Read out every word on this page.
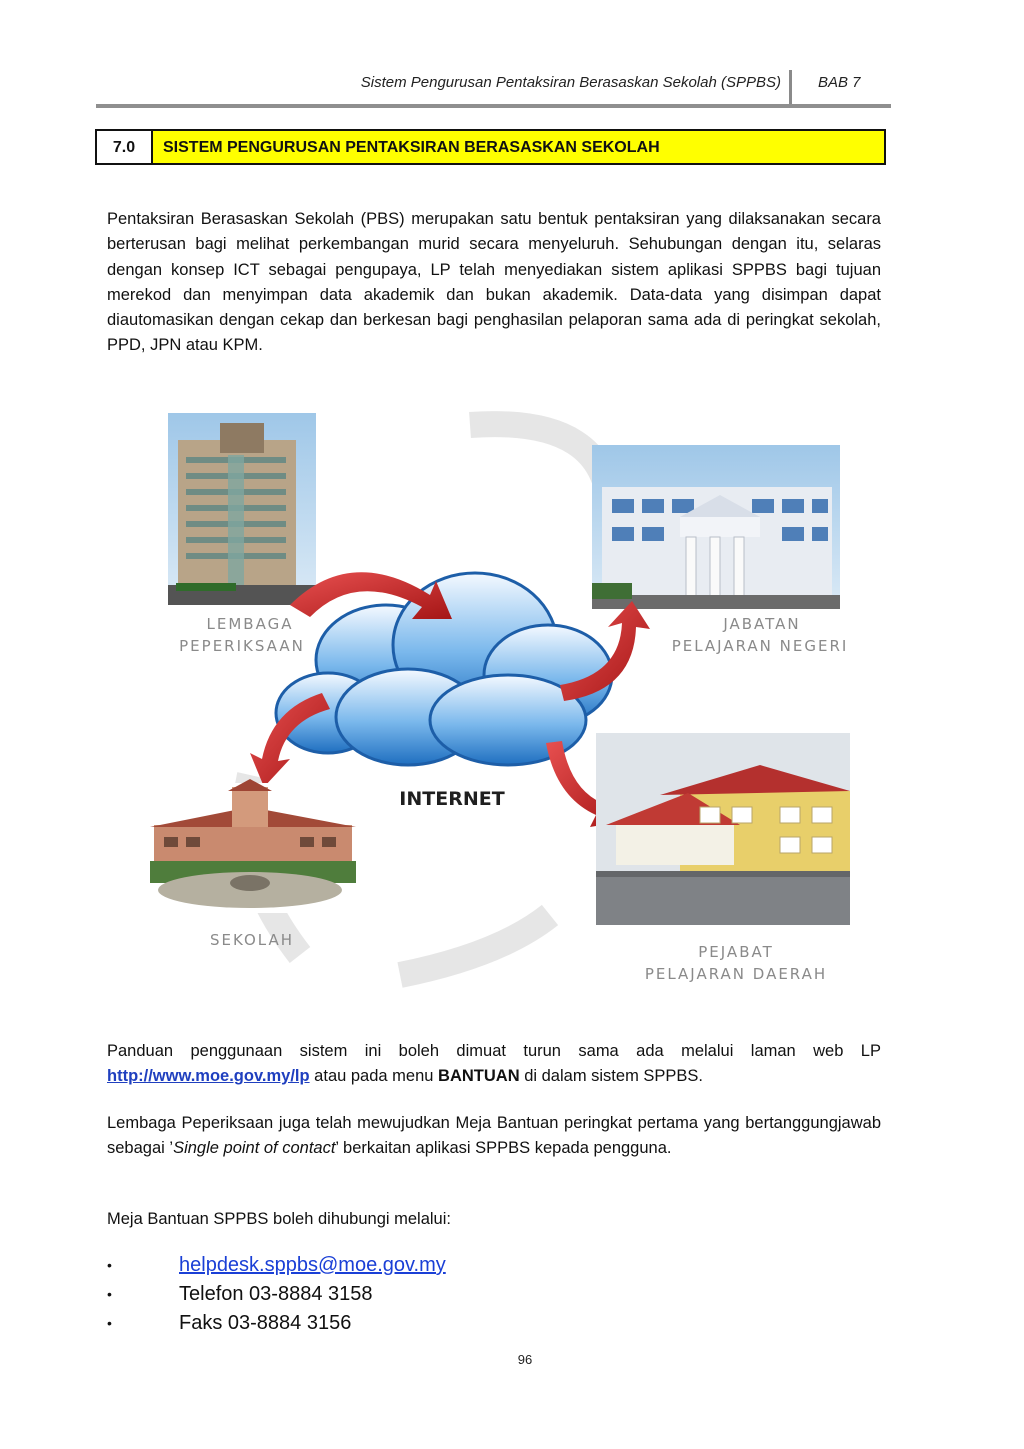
Sistem Pengurusan Pentaksiran Berasaskan Sekolah (SPPBS) BAB 7
7.0	SISTEM PENGURUSAN PENTAKSIRAN BERASASKAN SEKOLAH

Pentaksiran Berasaskan Sekolah (PBS) merupakan satu bentuk pentaksiran yang dilaksanakan secara berterusan bagi melihat perkembangan murid secara menyeluruh. Sehubungan dengan itu, selaras dengan konsep ICT sebagai pengupaya, LP telah menyediakan sistem aplikasi SPPBS bagi tujuan merekod dan menyimpan data akademik dan bukan akademik. Data-data yang disimpan dapat diautomasikan dengan cekap dan berkesan bagi penghasilan pelaporan sama ada di peringkat sekolah, PPD, JPN atau KPM.

LEMBAGA
PEPERIKSAAN
JABATAN
PELAJARAN NEGERI
INTERNET
SEKOLAH
PEJABAT
PELAJARAN DAERAH

Panduan penggunaan sistem ini boleh dimuat turun sama ada melalui laman web LP http://www.moe.gov.my/lp atau pada menu BANTUAN di dalam sistem SPPBS.

Lembaga Peperiksaan juga telah mewujudkan Meja Bantuan peringkat pertama yang bertanggungjawab sebagai ’Single point of contact’ berkaitan aplikasi SPPBS kepada pengguna.

Meja Bantuan SPPBS boleh dihubungi melalui:

•	helpdesk.sppbs@moe.gov.my
•	Telefon 03-8884 3158
•	Faks 03-8884 3156
96
